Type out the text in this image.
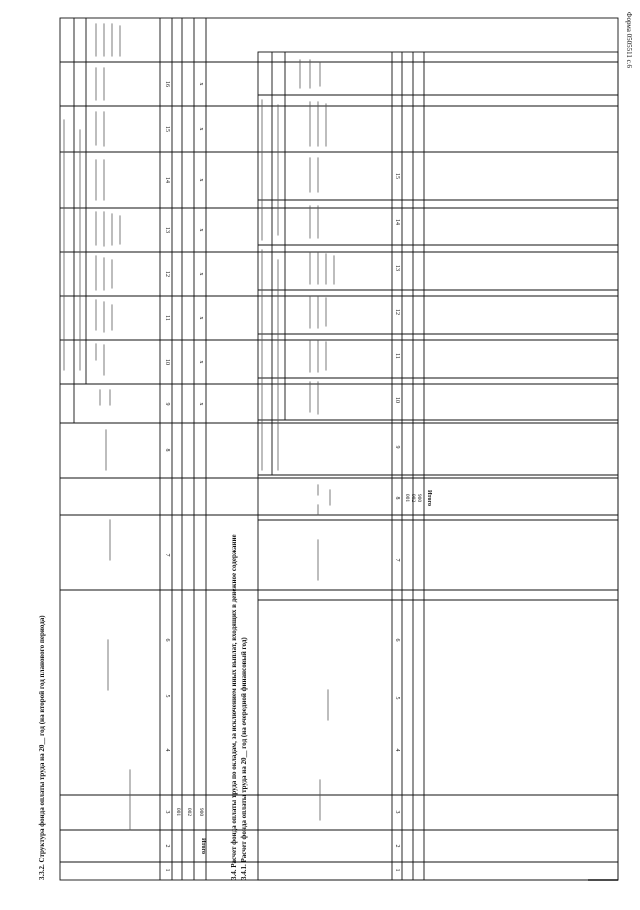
Форма 0505511 с.6
3.3.2. Структура фонда оплаты труда на 20__ год (на второй год планового периода)	1
2
3
4
5
6
7
8
9
10
11
12
13
14
15
16
001 002 900
Итого
x
x
x
x
x
x
x
x
3.4. Расчет фонда оплаты труда по окладам, за исключением иных выплат, входящих в денежное содержание 3.4.1. Расчет фонда оплаты труда на 20__ год (на очередной финансовый год)	1
2
3
4
5
6
7
8
9
10
11
12
13
14
15
001 002 900 Итого
